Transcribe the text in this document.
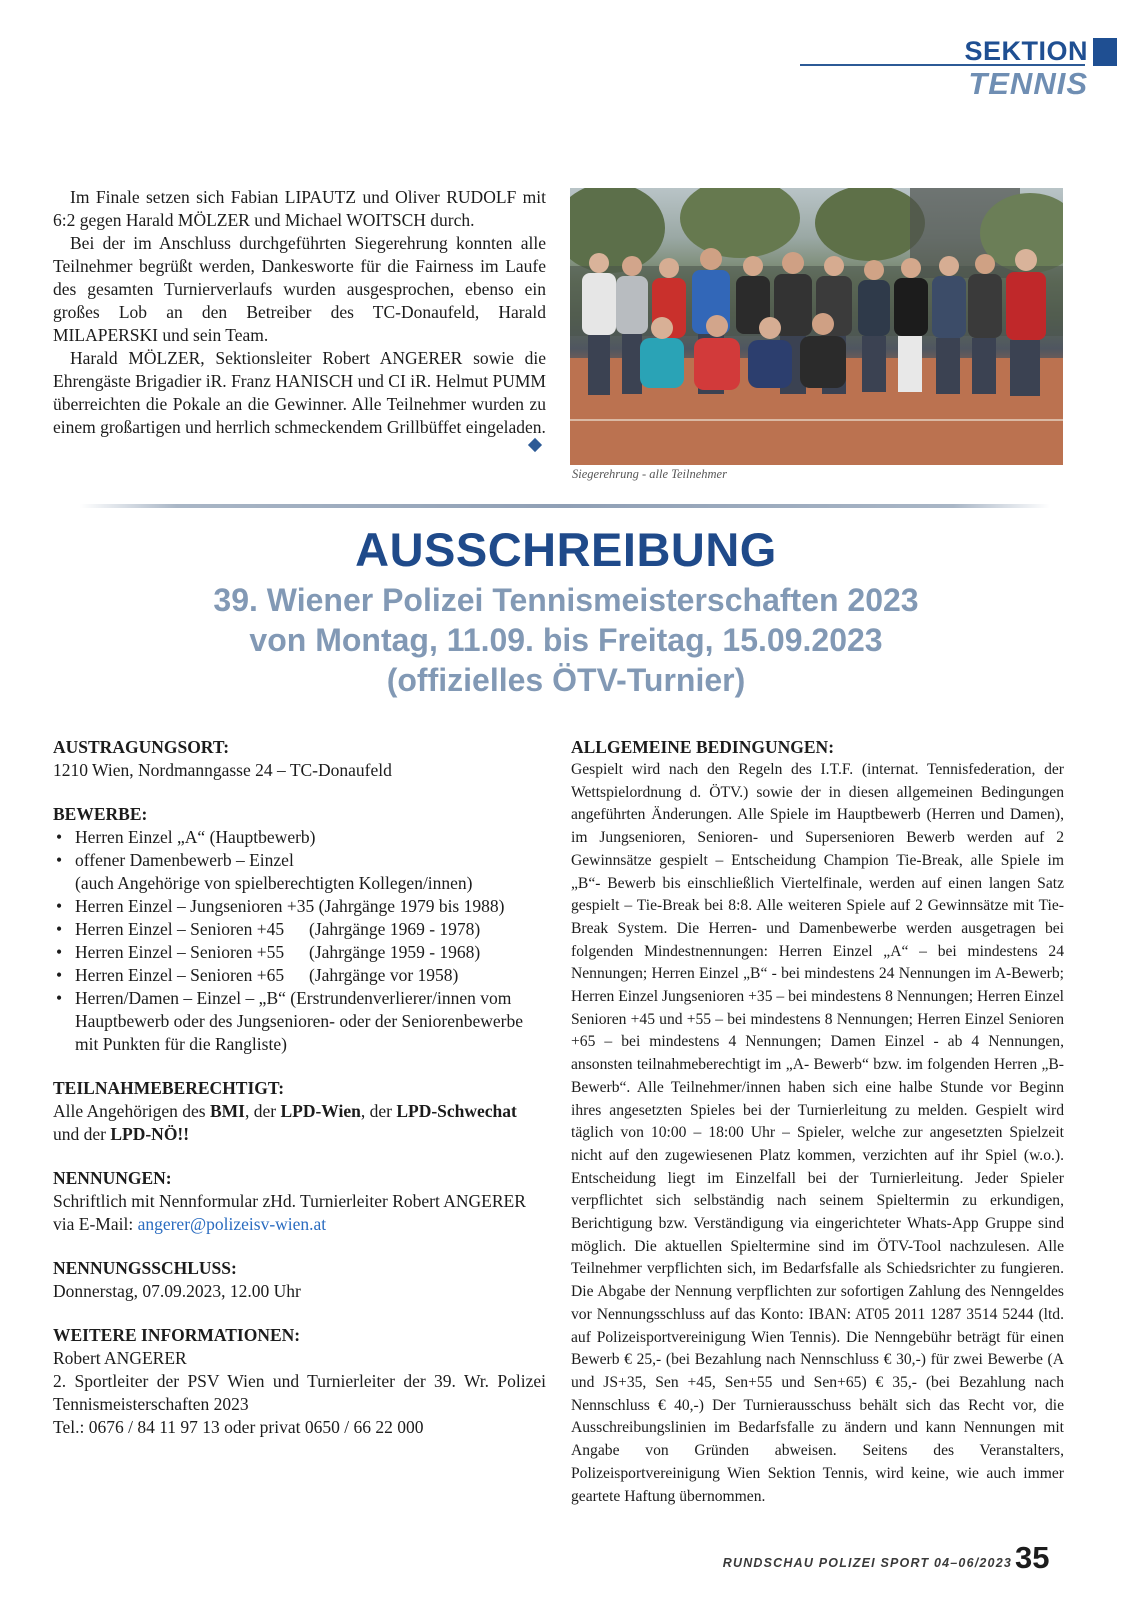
SEKTION
TENNIS

Im Finale setzen sich Fabian LIPAUTZ und Oliver RUDOLF mit 6:2 gegen Harald MÖLZER und Michael WOITSCH durch.

Bei der im Anschluss durchgeführten Siegerehrung konnten alle Teilnehmer begrüßt werden, Dankesworte für die Fairness im Laufe des gesamten Turnierverlaufs wurden ausgesprochen, ebenso ein großes Lob an den Betreiber des TC-Donaufeld, Harald MILAPERSKI und sein Team.

Harald MÖLZER, Sektionsleiter Robert ANGERER sowie die Ehrengäste Brigadier iR. Franz HANISCH und CI iR. Helmut PUMM überreichten die Pokale an die Gewinner. Alle Teilnehmer wurden zu einem großartigen und herrlich schmeckendem Grillbüffet eingeladen.

Siegerehrung - alle Teilnehmer
AUSSCHREIBUNG
39. Wiener Polizei Tennismeisterschaften 2023
von Montag, 11.09. bis Freitag, 15.09.2023
(offizielles ÖTV-Turnier)
AUSTRAGUNGSORT:

1210 Wien, Nordmanngasse 24 – TC-Donaufeld

BEWERBE:
• Herren Einzel „A“ (Hauptbewerb)
• offener Damenbewerb – Einzel
(auch Angehörige von spielberechtigten Kollegen/innen)
• Herren Einzel – Jungsenioren +35 (Jahrgänge 1979 bis 1988)
• Herren Einzel – Senioren +45 (Jahrgänge 1969 - 1978)
• Herren Einzel – Senioren +55 (Jahrgänge 1959 - 1968)
• Herren Einzel – Senioren +65 (Jahrgänge vor 1958)
• Herren/Damen – Einzel – „B“ (Erstrundenverlierer/innen vom Hauptbewerb oder des Jungsenioren- oder der Seniorenbewerbe mit Punkten für die Rangliste)
TEILNAHMEBERECHTIGT:

Alle Angehörigen des BMI, der LPD-Wien, der LPD-Schwechat und der LPD-NÖ!!

NENNUNGEN:

Schriftlich mit Nennformular zHd. Turnierleiter Robert ANGERER

via E-Mail: angerer@polizeisv-wien.at

NENNUNGSSCHLUSS:

Donnerstag, 07.09.2023, 12.00 Uhr

WEITERE INFORMATIONEN:

Robert ANGERER

2. Sportleiter der PSV Wien und Turnierleiter der 39. Wr. Polizei Tennismeisterschaften 2023

Tel.: 0676 / 84 11 97 13 oder privat 0650 / 66 22 000

ALLGEMEINE BEDINGUNGEN:

Gespielt wird nach den Regeln des I.T.F. (internat. Tennisfederation, der Wettspielordnung d. ÖTV.) sowie der in diesen allgemeinen Bedingungen angeführten Änderungen. Alle Spiele im Hauptbewerb (Herren und Damen), im Jungsenioren, Senioren- und Supersenioren Bewerb werden auf 2 Gewinnsätze gespielt – Entscheidung Champion Tie-Break, alle Spiele im „B“- Bewerb bis einschließlich Viertelfinale, werden auf einen langen Satz gespielt – Tie-Break bei 8:8. Alle weiteren Spiele auf 2 Gewinnsätze mit Tie-Break System. Die Herren- und Damenbewerbe werden ausgetragen bei folgenden Mindestnennungen: Herren Einzel „A“ – bei mindestens 24 Nennungen; Herren Einzel „B“ - bei mindestens 24 Nennungen im A-Bewerb; Herren Einzel Jungsenioren +35 – bei mindestens 8 Nennungen; Herren Einzel Senioren +45 und +55 – bei mindestens 8 Nennungen; Herren Einzel Senioren +65 – bei mindestens 4 Nennungen; Damen Einzel - ab 4 Nennungen, ansonsten teilnahmeberechtigt im „A- Bewerb“ bzw. im folgenden Herren „B-Bewerb“. Alle Teilnehmer/innen haben sich eine halbe Stunde vor Beginn ihres angesetzten Spieles bei der Turnierleitung zu melden. Gespielt wird täglich von 10:00 – 18:00 Uhr – Spieler, welche zur angesetzten Spielzeit nicht auf den zugewiesenen Platz kommen, verzichten auf ihr Spiel (w.o.). Entscheidung liegt im Einzelfall bei der Turnierleitung. Jeder Spieler verpflichtet sich selbständig nach seinem Spieltermin zu erkundigen, Berichtigung bzw. Verständigung via eingerichteter Whats-App Gruppe sind möglich. Die aktuellen Spieltermine sind im ÖTV-Tool nachzulesen. Alle Teilnehmer verpflichten sich, im Bedarfsfalle als Schiedsrichter zu fungieren. Die Abgabe der Nennung verpflichten zur sofortigen Zahlung des Nenngeldes vor Nennungsschluss auf das Konto: IBAN: AT05 2011 1287 3514 5244 (ltd. auf Polizeisportvereinigung Wien Tennis). Die Nenngebühr beträgt für einen Bewerb € 25,- (bei Bezahlung nach Nennschluss € 30,-) für zwei Bewerbe (A und JS+35, Sen +45, Sen+55 und Sen+65) € 35,- (bei Bezahlung nach Nennschluss € 40,-) Der Turnierausschuss behält sich das Recht vor, die Ausschreibungslinien im Bedarfsfalle zu ändern und kann Nennungen mit Angabe von Gründen abweisen. Seitens des Veranstalters, Polizeisportvereinigung Wien Sektion Tennis, wird keine, wie auch immer geartete Haftung übernommen.

RUNDSCHAU POLIZEI SPORT 04–06/2023 35
